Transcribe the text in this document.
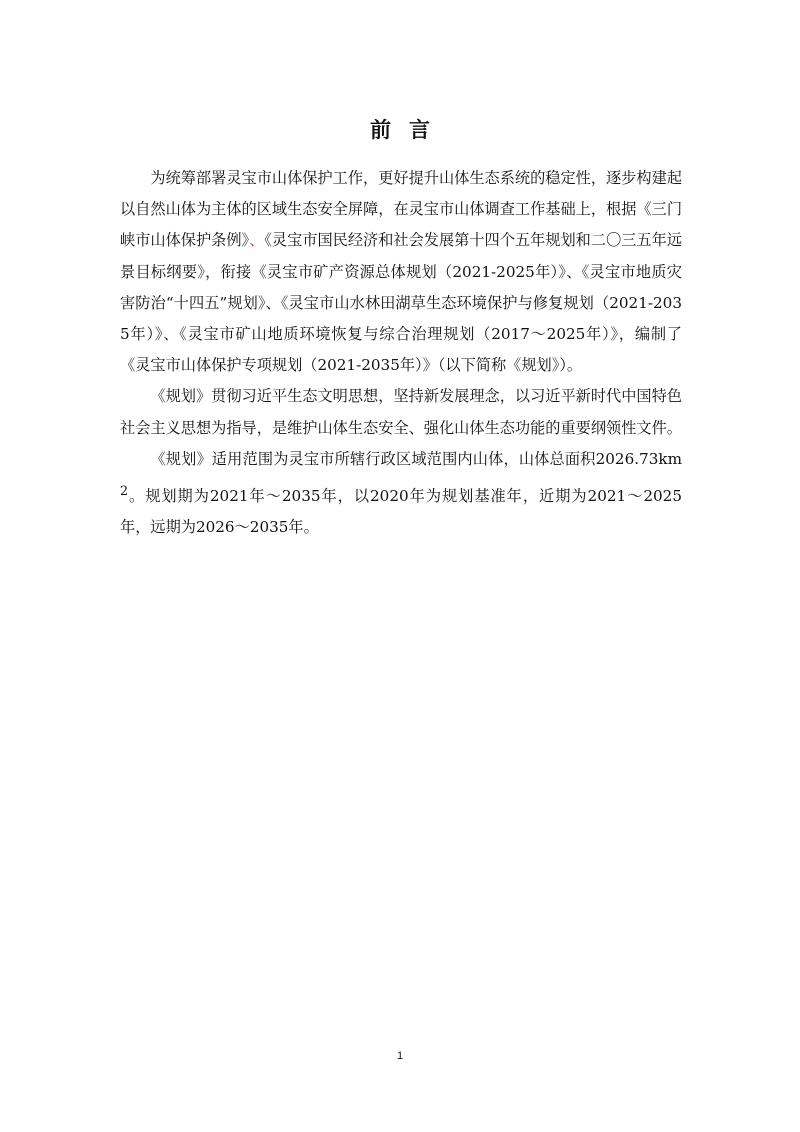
前言

为统筹部署灵宝市山体保护工作，更好提升山体生态系统的稳定性，逐步构建起以自然山体为主体的区域生态安全屏障，在灵宝市山体调查工作基础上，根据《三门峡市山体保护条例》、《灵宝市国民经济和社会发展第十四个五年规划和二〇三五年远景目标纲要》，衔接《灵宝市矿产资源总体规划（2021-2025年）》、《灵宝市地质灾害防治“十四五”规划》、《灵宝市山水林田湖草生态环境保护与修复规划（2021-2035年）》、《灵宝市矿山地质环境恢复与综合治理规划（2017～2025年）》，编制了《灵宝市山体保护专项规划（2021-2035年）》（以下简称《规划》）。

《规划》贯彻习近平生态文明思想，坚持新发展理念，以习近平新时代中国特色社会主义思想为指导，是维护山体生态安全、强化山体生态功能的重要纲领性文件。

《规划》适用范围为灵宝市所辖行政区域范围内山体，山体总面积$2026.73km^2$。规划期为2021年～2035年，以2020年为规划基准年，近期为2021～2025年，远期为2026～2035年。

1
